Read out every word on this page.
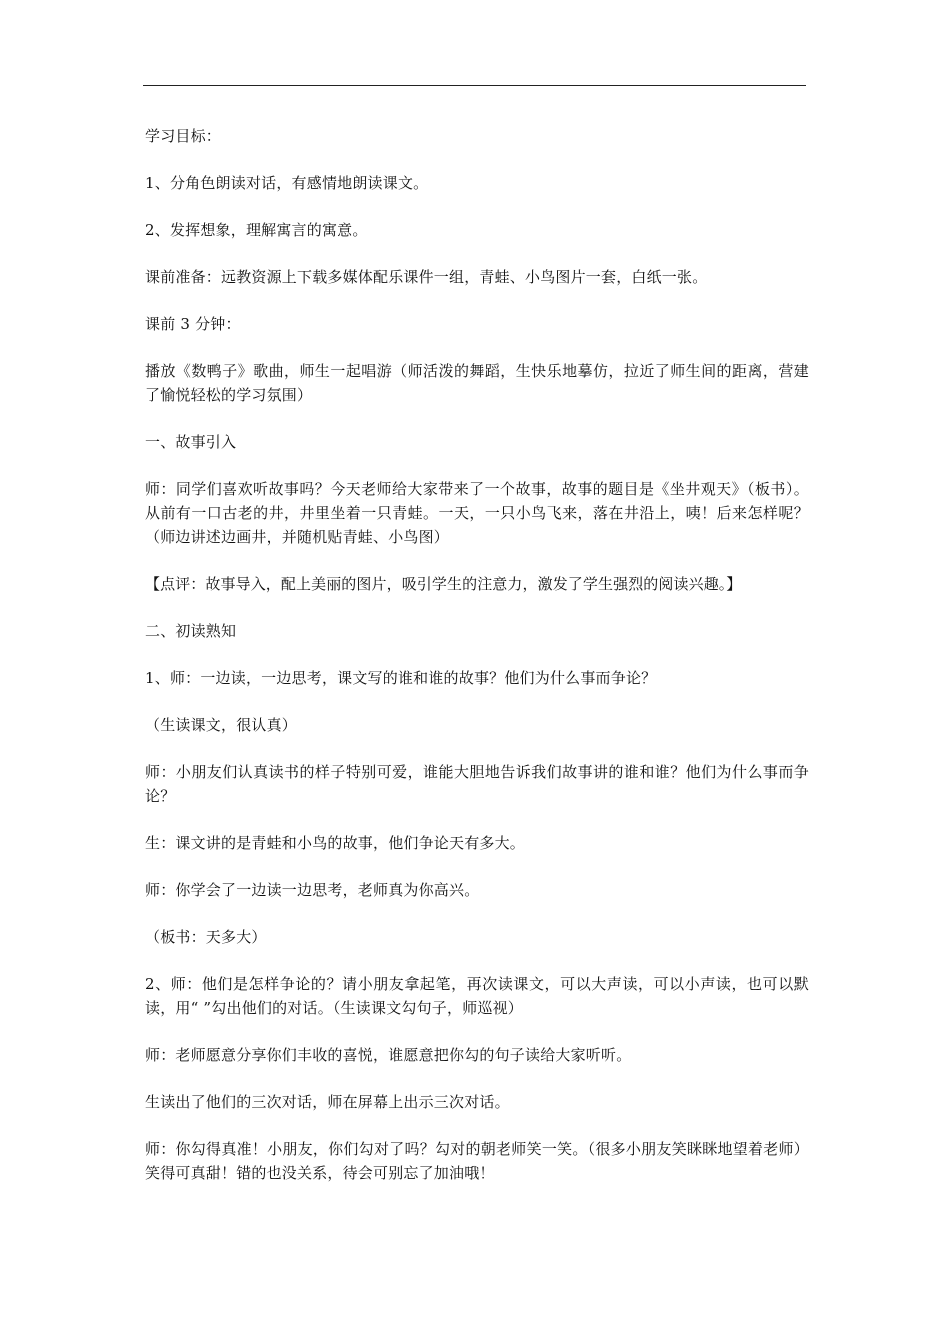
学习目标：

1、分角色朗读对话，有感情地朗读课文。

2、发挥想象，理解寓言的寓意。

课前准备：远教资源上下载多媒体配乐课件一组，青蛙、小鸟图片一套，白纸一张。

课前 3 分钟：

播放《数鸭子》歌曲，师生一起唱游（师活泼的舞蹈，生快乐地摹仿，拉近了师生间的距离，营建了愉悦轻松的学习氛围）

一、故事引入

师：同学们喜欢听故事吗？今天老师给大家带来了一个故事，故事的题目是《坐井观天》（板书）。从前有一口古老的井，井里坐着一只青蛙。一天，一只小鸟飞来，落在井沿上，咦！后来怎样呢？（师边讲述边画井，并随机贴青蛙、小鸟图）

【点评：故事导入，配上美丽的图片，吸引学生的注意力，激发了学生强烈的阅读兴趣。】

二、初读熟知

1、师：一边读，一边思考，课文写的谁和谁的故事？他们为什么事而争论？

（生读课文，很认真）

师：小朋友们认真读书的样子特别可爱，谁能大胆地告诉我们故事讲的谁和谁？他们为什么事而争论？

生：课文讲的是青蛙和小鸟的故事，他们争论天有多大。

师：你学会了一边读一边思考，老师真为你高兴。

（板书：天多大）

2、师：他们是怎样争论的？请小朋友拿起笔，再次读课文，可以大声读，可以小声读，也可以默读，用“ ”勾出他们的对话。（生读课文勾句子，师巡视）

师：老师愿意分享你们丰收的喜悦，谁愿意把你勾的句子读给大家听听。

生读出了他们的三次对话，师在屏幕上出示三次对话。

师：你勾得真准！小朋友，你们勾对了吗？勾对的朝老师笑一笑。（很多小朋友笑眯眯地望着老师）笑得可真甜！错的也没关系，待会可别忘了加油哦！
